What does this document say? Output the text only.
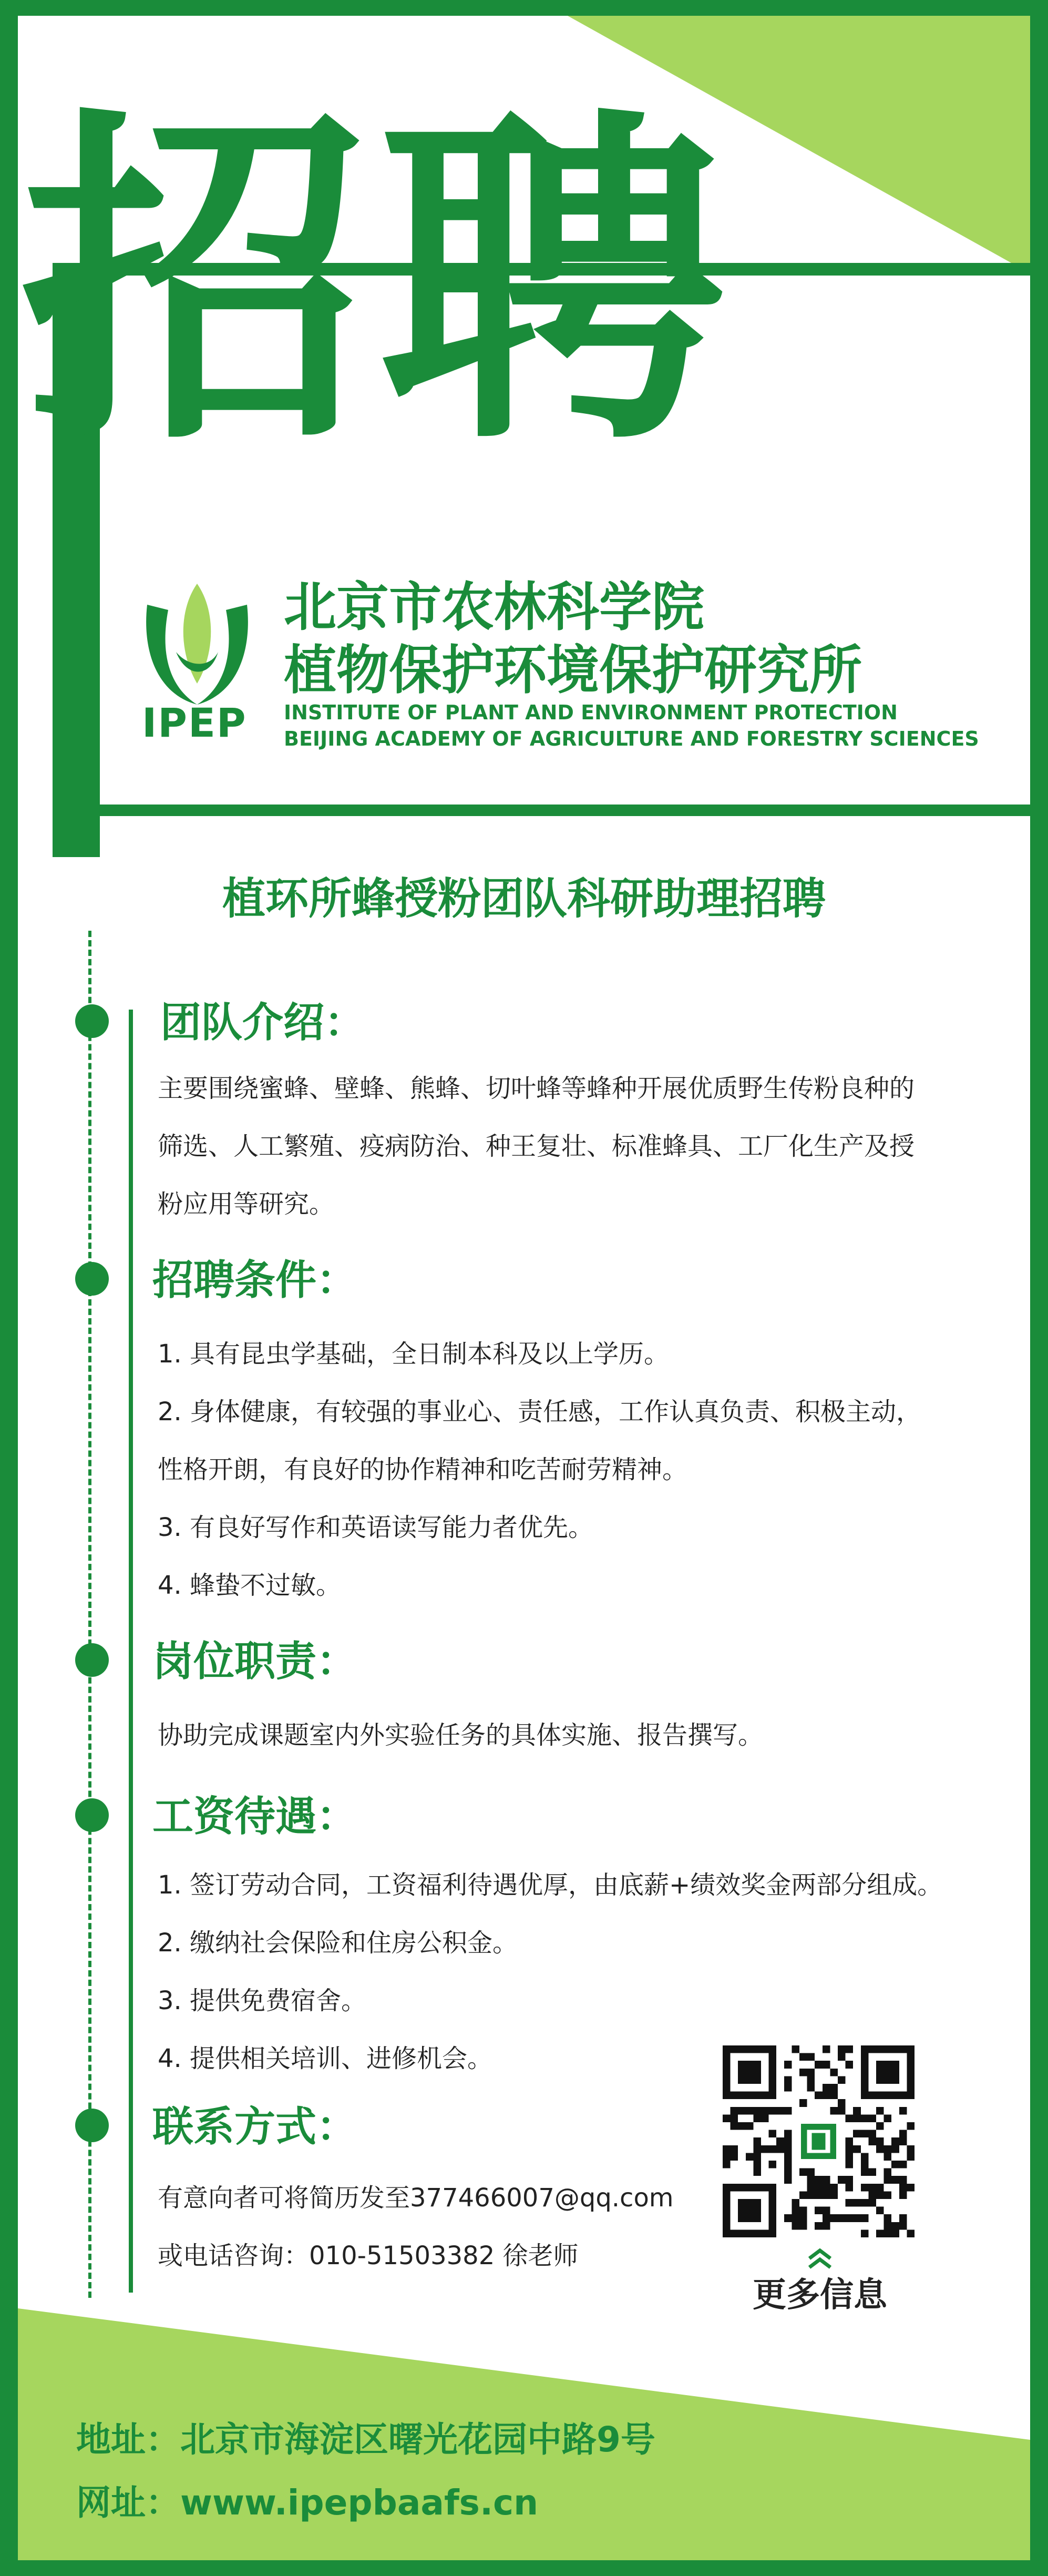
招聘
IPEP
北京市农林科学院
植物保护环境保护研究所
INSTITUTE OF PLANT AND ENVIRONMENT PROTECTION
BEIJING ACADEMY OF AGRICULTURE AND FORESTRY SCIENCES
植环所蜂授粉团队科研助理招聘
团队介绍：
主要围绕蜜蜂、壁蜂、熊蜂、切叶蜂等蜂种开展优质野生传粉良种的
筛选、人工繁殖、疫病防治、种王复壮、标准蜂具、工厂化生产及授
粉应用等研究。
招聘条件：
1. 具有昆虫学基础，全日制本科及以上学历。
2. 身体健康，有较强的事业心、责任感，工作认真负责、积极主动，
性格开朗，有良好的协作精神和吃苦耐劳精神。
3. 有良好写作和英语读写能力者优先。
4. 蜂蛰不过敏。
岗位职责：
协助完成课题室内外实验任务的具体实施、报告撰写。
工资待遇：
1. 签订劳动合同，工资福利待遇优厚，由底薪+绩效奖金两部分组成。
2. 缴纳社会保险和住房公积金。
3. 提供免费宿舍。
4. 提供相关培训、进修机会。
联系方式：
有意向者可将简历发至377466007@qq.com
或电话咨询：010-51503382 徐老师
更多信息
地址：北京市海淀区曙光花园中路9号
网址：www.ipepbaafs.cn
